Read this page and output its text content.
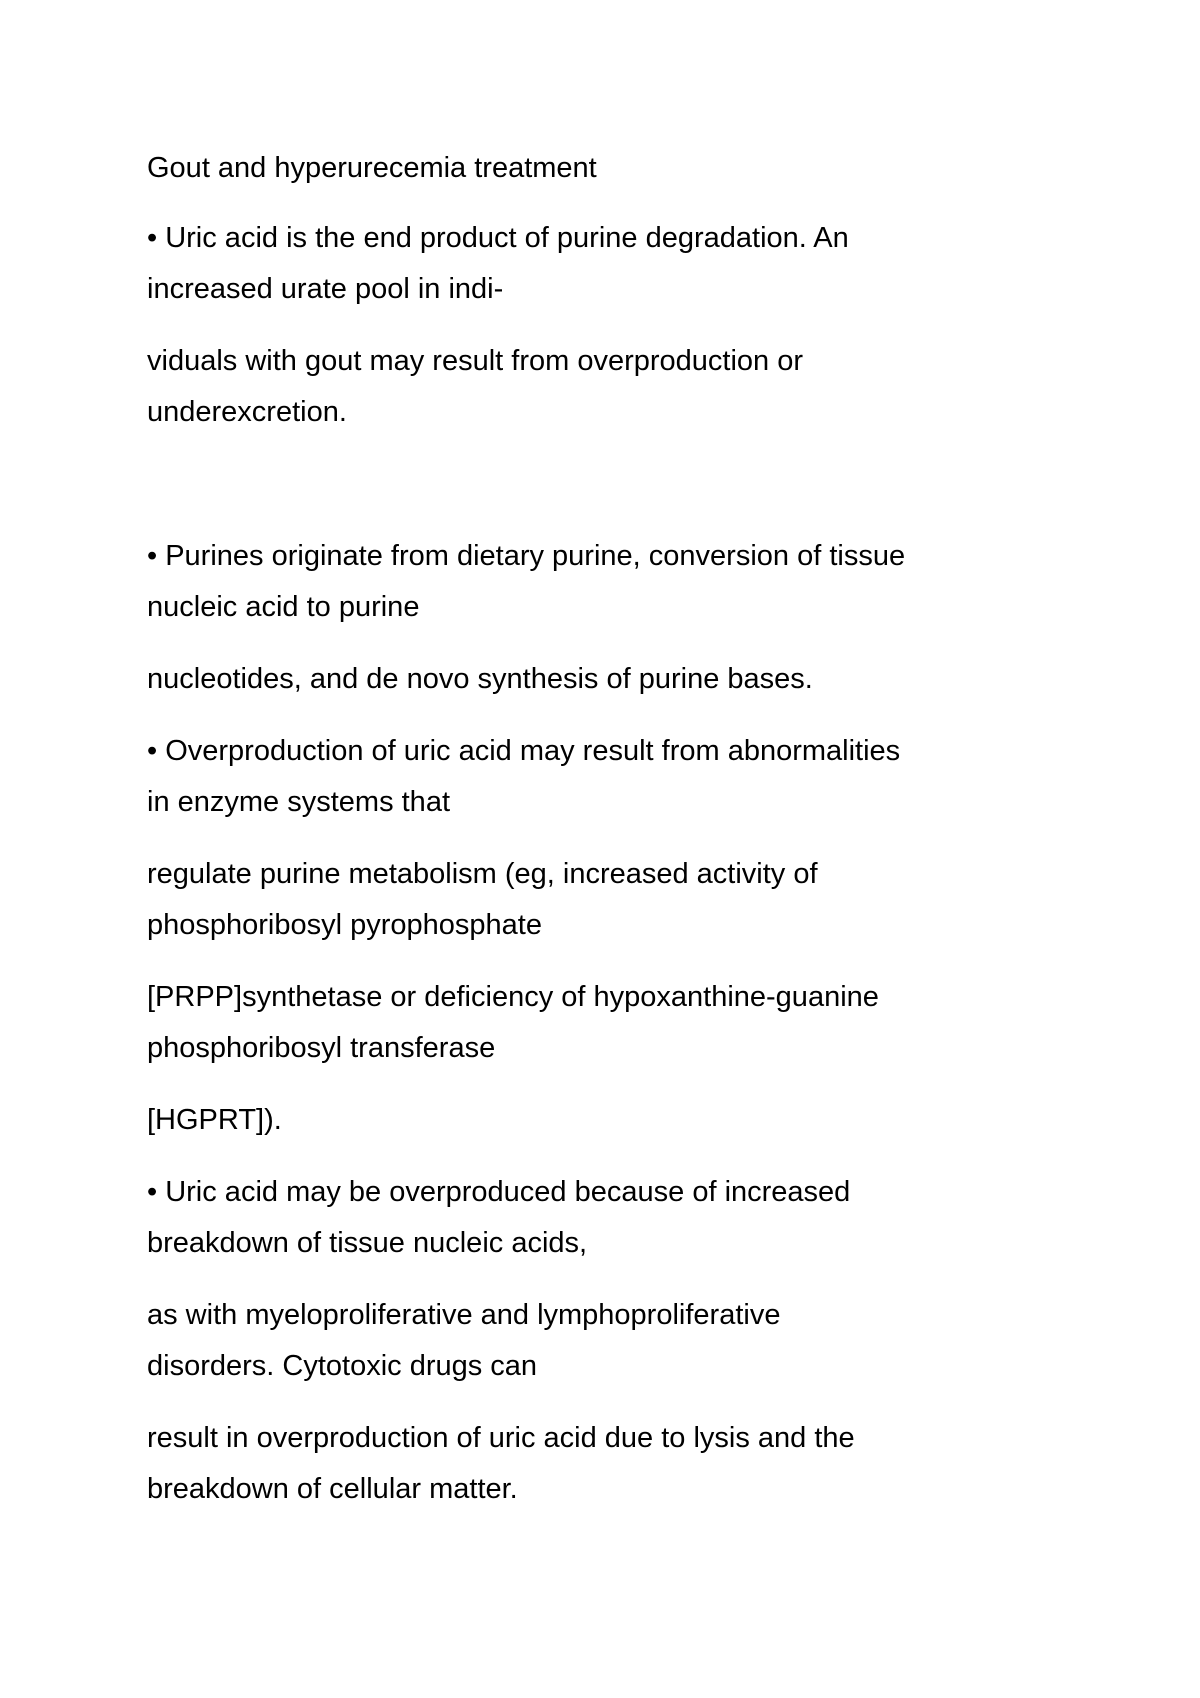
Gout and hyperurecemia treatment
• Uric acid is the end product of purine degradation. An
increased urate pool in indi-
viduals with gout may result from overproduction or
underexcretion.
• Purines originate from dietary purine, conversion of tissue
nucleic acid to purine
nucleotides, and de novo synthesis of purine bases.
• Overproduction of uric acid may result from abnormalities
in enzyme systems that
regulate purine metabolism (eg, increased activity of
phosphoribosyl pyrophosphate
[PRPP]synthetase or deficiency of hypoxanthine-guanine
phosphoribosyl transferase
[HGPRT]).
• Uric acid may be overproduced because of increased
breakdown of tissue nucleic acids,
as with myeloproliferative and lymphoproliferative
disorders. Cytotoxic drugs can
result in overproduction of uric acid due to lysis and the
breakdown of cellular matter.
